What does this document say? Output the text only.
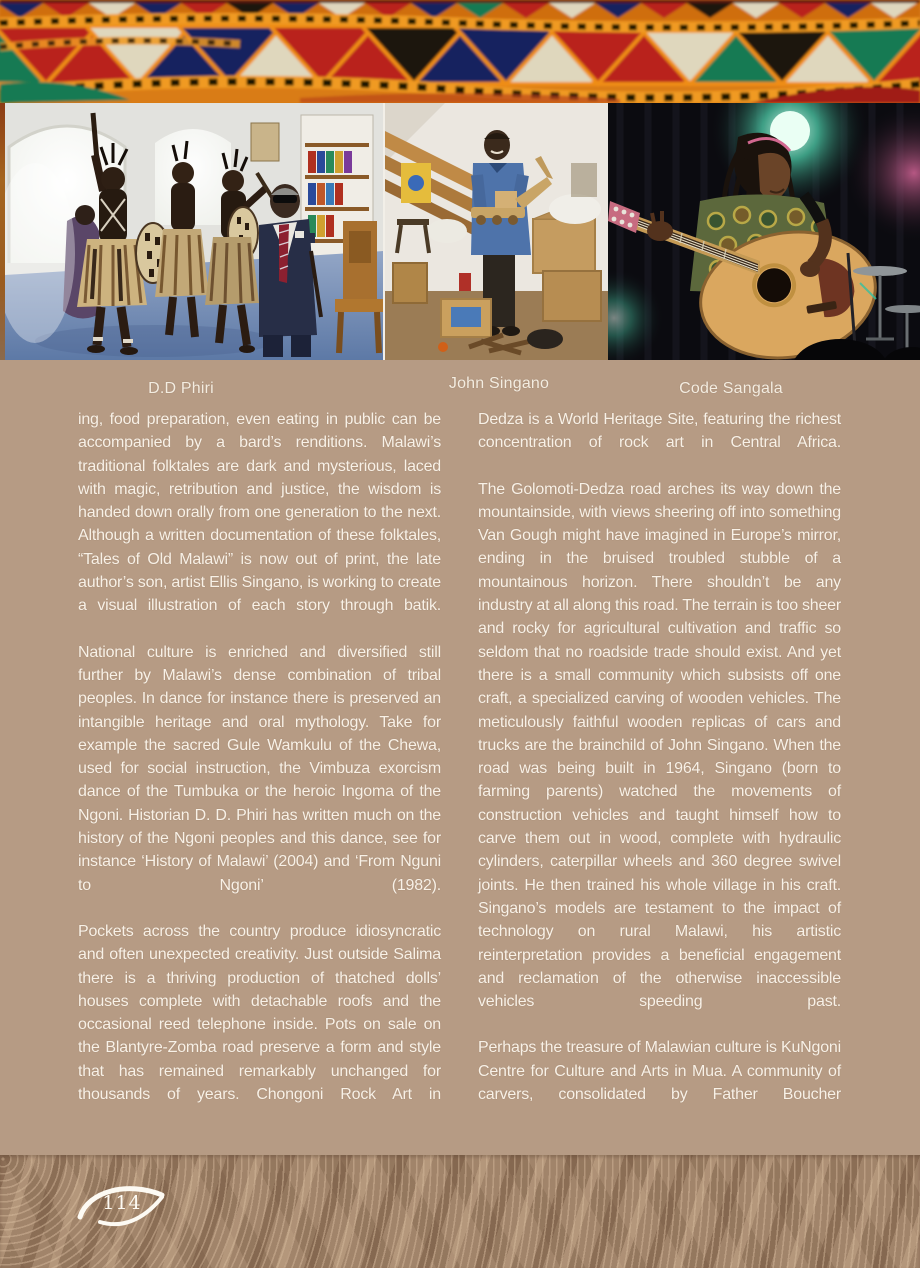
D.D Phiri	John Singano	Code Sangala

ing, food preparation, even eating in public can be accompanied by a bard’s renditions. Malawi’s traditional folktales are dark and mysterious, laced with magic, retribution and justice, the wisdom is handed down orally from one generation to the next. Although a written documentation of these folktales, “Tales of Old Malawi” is now out of print, the late author’s son, artist Ellis Singano, is working to create a visual illustration of each story through batik.

National culture is enriched and diversified still further by Malawi’s dense combination of tribal peoples. In dance for instance there is preserved an intangible heritage and oral mythology. Take for example the sacred Gule Wamkulu of the Chewa, used for social instruction, the Vimbuza exorcism dance of the Tumbuka or the heroic Ingoma of the Ngoni. Historian D. D. Phiri has written much on the history of the Ngoni peoples and this dance, see for instance ‘History of Malawi’ (2004) and ‘From Nguni to Ngoni’ (1982).

Pockets across the country produce idiosyncratic and often unexpected creativity. Just outside Salima there is a thriving production of thatched dolls’ houses complete with detachable roofs and the occasional reed telephone inside. Pots on sale on the Blantyre-Zomba road preserve a form and style that has remained remarkably unchanged for thousands of years. Chongoni Rock Art in

Dedza is a World Heritage Site, featuring the richest concentration of rock art in Central Africa.

The Golomoti-Dedza road arches its way down the mountainside, with views sheering off into something Van Gough might have imagined in Europe’s mirror, ending in the bruised troubled stubble of a mountainous horizon. There shouldn’t be any industry at all along this road. The terrain is too sheer and rocky for agricultural cultivation and traffic so seldom that no roadside trade should exist. And yet there is a small community which subsists off one craft, a specialized carving of wooden vehicles. The meticulously faithful wooden replicas of cars and trucks are the brainchild of John Singano. When the road was being built in 1964, Singano (born to farming parents) watched the movements of construction vehicles and taught himself how to carve them out in wood, complete with hydraulic cylinders, caterpillar wheels and 360 degree swivel joints. He then trained his whole village in his craft. Singano’s models are testament to the impact of technology on rural Malawi, his artistic reinterpretation provides a beneficial engagement and reclamation of the otherwise inaccessible vehicles speeding past.

Perhaps the treasure of Malawian culture is KuNgoni Centre for Culture and Arts in Mua. A community of carvers, consolidated by Father Boucher

114
